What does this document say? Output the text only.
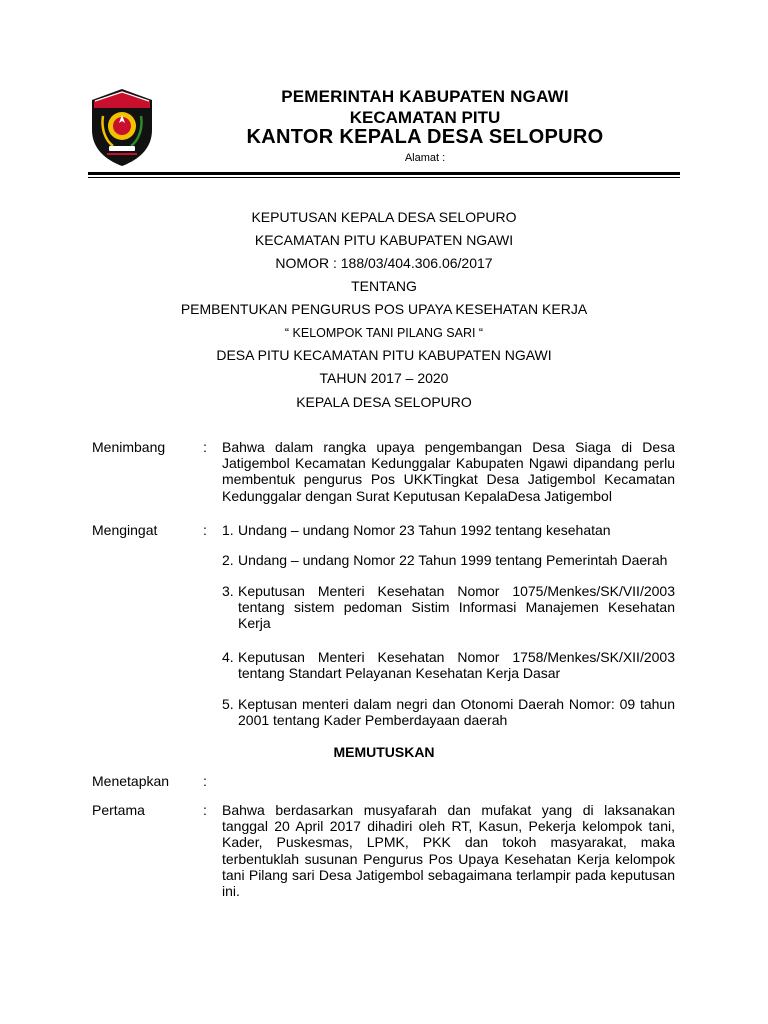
PEMERINTAH KABUPATEN NGAWI
KECAMATAN PITU
KANTOR KEPALA DESA SELOPURO
Alamat :
KEPUTUSAN KEPALA DESA SELOPURO
KECAMATAN PITU KABUPATEN NGAWI
NOMOR : 188/03/404.306.06/2017
TENTANG
PEMBENTUKAN PENGURUS POS UPAYA KESEHATAN KERJA
“ KELOMPOK TANI PILANG SARI “
DESA PITU KECAMATAN PITU KABUPATEN NGAWI
TAHUN 2017 – 2020
KEPALA DESA SELOPURO
Menimbang	: Bahwa dalam rangka upaya pengembangan Desa Siaga di Desa Jatigembol Kecamatan Kedunggalar Kabupaten Ngawi dipandang perlu membentuk pengurus Pos UKKTingkat Desa Jatigembol Kecamatan Kedunggalar dengan Surat Keputusan KepalaDesa Jatigembol
Mengingat	: 1. Undang – undang Nomor 23 Tahun 1992 tentang kesehatan
2. Undang – undang Nomor 22 Tahun 1999 tentang Pemerintah Daerah
3. Keputusan Menteri Kesehatan Nomor 1075/Menkes/SK/VII/2003 tentang sistem pedoman Sistim Informasi Manajemen Kesehatan Kerja
4. Keputusan Menteri Kesehatan Nomor 1758/Menkes/SK/XII/2003 tentang Standart Pelayanan Kesehatan Kerja Dasar
5. Keptusan menteri dalam negri dan Otonomi Daerah Nomor: 09 tahun 2001 tentang Kader Pemberdayaan daerah
MEMUTUSKAN
Menetapkan :
Pertama	: Bahwa berdasarkan musyafarah dan mufakat yang di laksanakan tanggal 20 April 2017 dihadiri oleh RT, Kasun, Pekerja kelompok tani, Kader, Puskesmas, LPMK, PKK dan tokoh masyarakat, maka terbentuklah susunan Pengurus Pos Upaya Kesehatan Kerja kelompok tani Pilang sari Desa Jatigembol sebagaimana terlampir pada keputusan ini.
